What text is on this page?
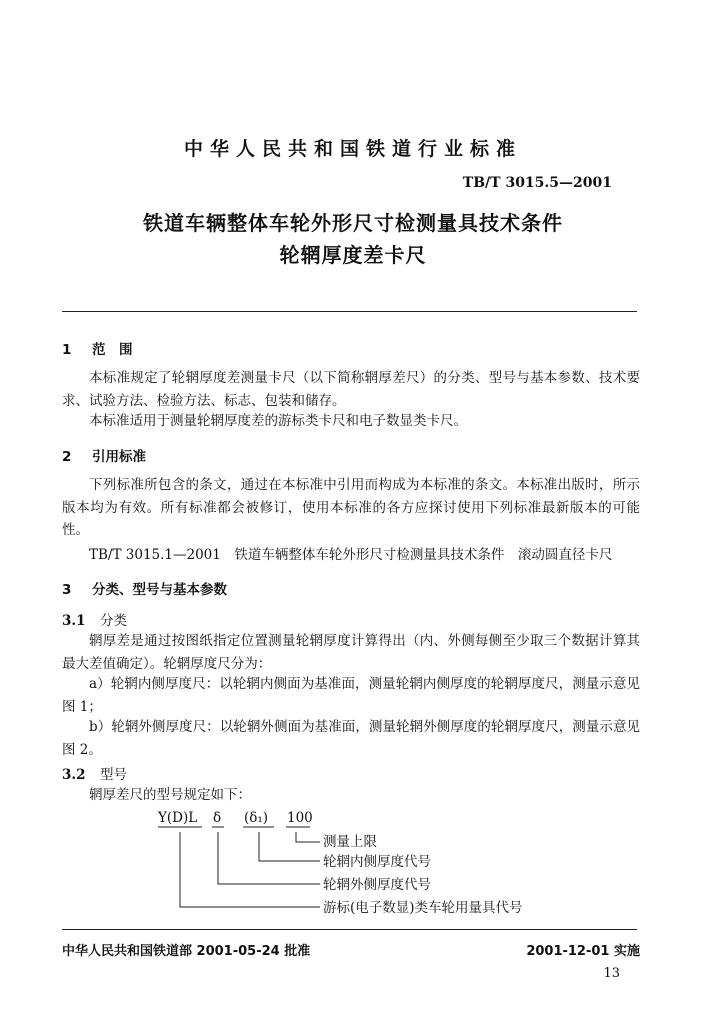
中华人民共和国铁道行业标准
TB/T 3015.5—2001
铁道车辆整体车轮外形尺寸检测量具技术条件
轮辋厚度差卡尺
1 范　围
本标准规定了轮辋厚度差测量卡尺（以下简称辋厚差尺）的分类、型号与基本参数、技术要求、试验方法、检验方法、标志、包装和储存。
本标准适用于测量轮辋厚度差的游标类卡尺和电子数显类卡尺。
2 引用标准
下列标准所包含的条文，通过在本标准中引用而构成为本标准的条文。本标准出版时，所示版本均为有效。所有标准都会被修订，使用本标准的各方应探讨使用下列标准最新版本的可能性。
TB/T 3015.1—2001　 铁道车辆整体车轮外形尺寸检测量具技术条件　滚动圆直径卡尺
3 分类、型号与基本参数
3.1 分类
辋厚差是通过按图纸指定位置测量轮辋厚度计算得出（内、外侧每侧至少取三个数据计算其最大差值确定）。轮辋厚度尺分为：
a）轮辋内侧厚度尺：以轮辋内侧面为基准面，测量轮辋内侧厚度的轮辋厚度尺，测量示意见图 1；
b）轮辋外侧厚度尺：以轮辋外侧面为基准面，测量轮辋外侧厚度的轮辋厚度尺，测量示意见图 2。
3.2 型号
辋厚差尺的型号规定如下：
Y(D)L δ (δ₁) 100
测量上限
轮辋内侧厚度代号
轮辋外侧厚度代号
游标(电子数显)类车轮用量具代号
中华人民共和国铁道部 2001-05-24 批准	2001-12-01 实施
13
